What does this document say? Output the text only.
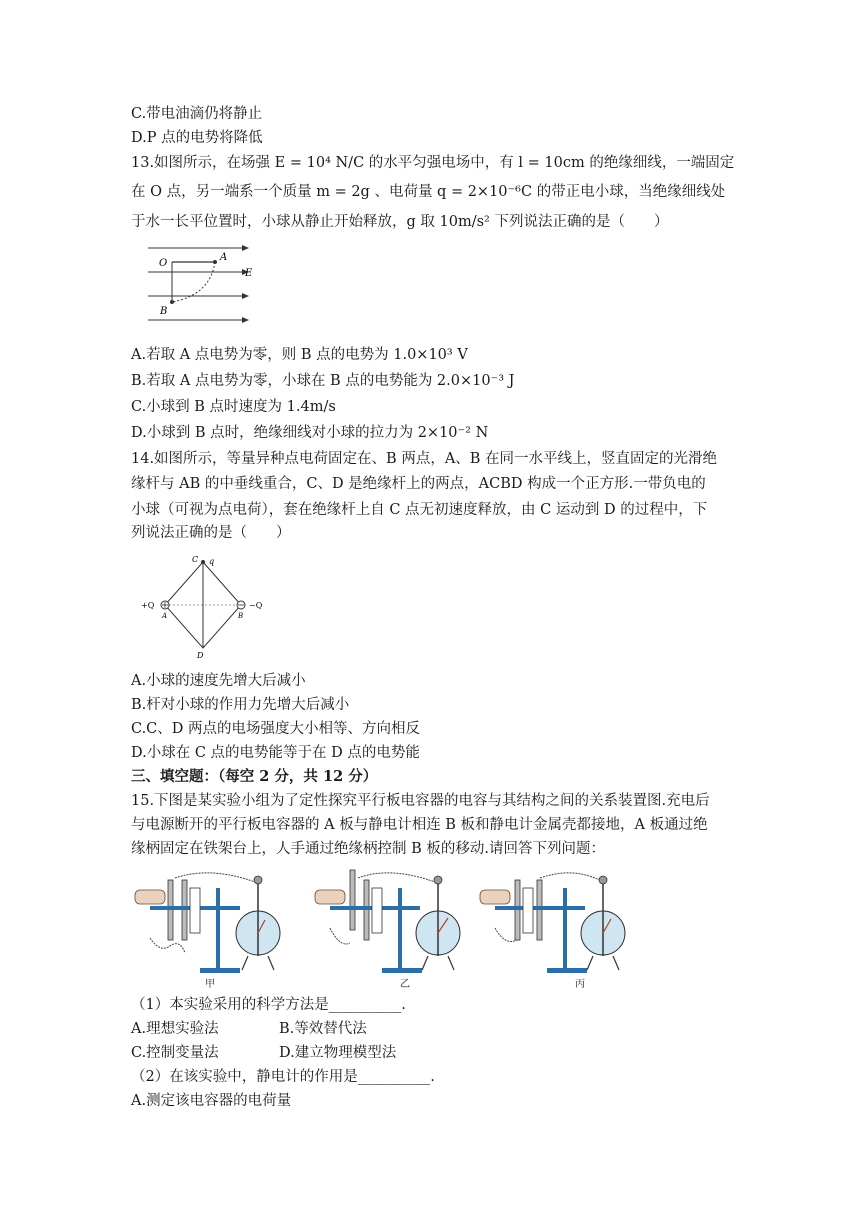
C.带电油滴仍将静止
D.P 点的电势将降低
13.如图所示，在场强 E = 10⁴ N/C 的水平匀强电场中，有 l = 10cm 的绝缘细线，一端固定
在 O 点，另一端系一个质量 m = 2g 、电荷量 q = 2×10⁻⁶C 的带正电小球，当绝缘细线处
于水一长平位置时，小球从静止开始释放，g 取 10m/s² 下列说法正确的是（　　）
O
A
E
B
A.若取 A 点电势为零，则 B 点的电势为 1.0×10³ V
B.若取 A 点电势为零，小球在 B 点的电势能为 2.0×10⁻³ J
C.小球到 B 点时速度为 1.4m/s
D.小球到 B 点时，绝缘细线对小球的拉力为 2×10⁻² N
14.如图所示，等量异种点电荷固定在、B 两点，A、B 在同一水平线上，竖直固定的光滑绝
缘杆与 AB 的中垂线重合，C、D 是绝缘杆上的两点，ACBD 构成一个正方形.一带负电的
小球（可视为点电荷），套在绝缘杆上自 C 点无初速度释放，由 C 运动到 D 的过程中，下
列说法正确的是（　　）
C q
+Q
A	B
−Q
D
A.小球的速度先增大后减小
B.杆对小球的作用力先增大后减小
C.C、D 两点的电场强度大小相等、方向相反
D.小球在 C 点的电势能等于在 D 点的电势能
三、填空题：（每空 2 分，共 12 分）
15.下图是某实验小组为了定性探究平行板电容器的电容与其结构之间的关系装置图.充电后
与电源断开的平行板电容器的 A 板与静电计相连 B 板和静电计金属壳都接地，A 板通过绝
缘柄固定在铁架台上，人手通过绝缘柄控制 B 板的移动.请回答下列问题：
甲	乙	丙
（1）本实验采用的科学方法是__________.
A.理想实验法	B.等效替代法
C.控制变量法	D.建立物理模型法
（2）在该实验中，静电计的作用是__________.
A.测定该电容器的电荷量
